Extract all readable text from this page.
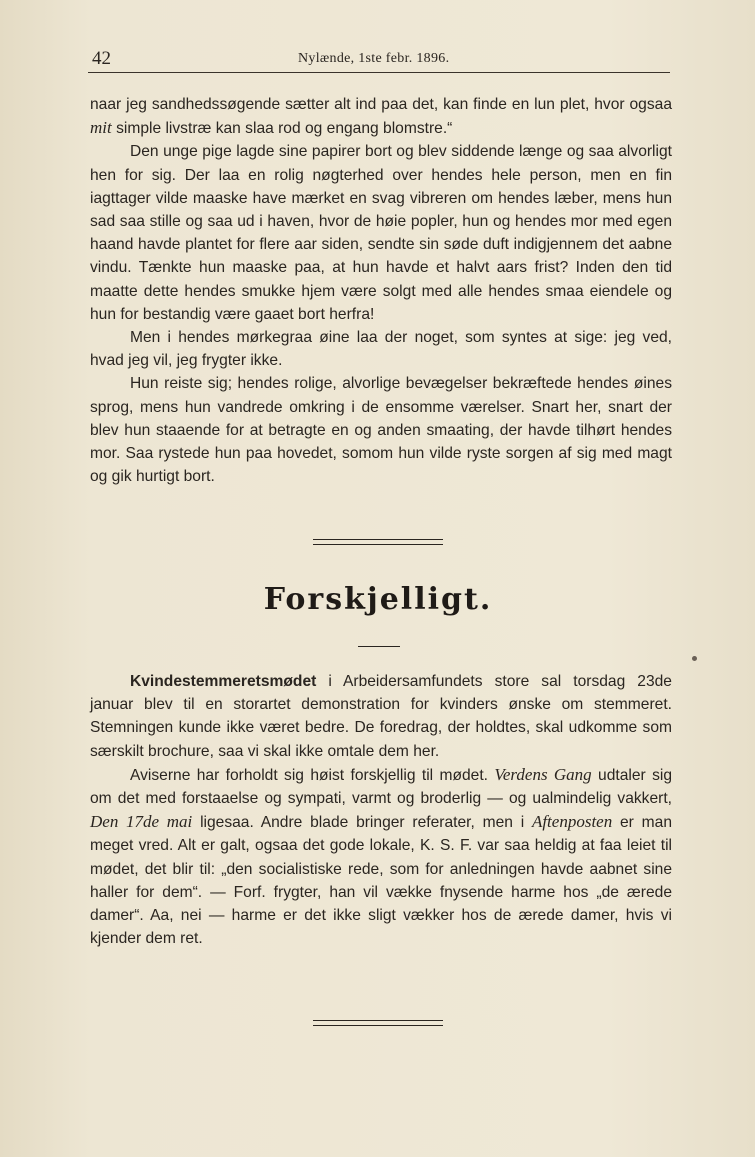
42	Nylænde, 1ste febr. 1896.

naar jeg sandhedssøgende sætter alt ind paa det, kan finde en lun plet, hvor ogsaa mit simple livstræ kan slaa rod og engang blomstre.“

Den unge pige lagde sine papirer bort og blev siddende længe og saa alvorligt hen for sig. Der laa en rolig nøgterhed over hendes hele person, men en fin iagttager vilde maaske have mærket en svag vibreren om hendes læber, mens hun sad saa stille og saa ud i haven, hvor de høie popler, hun og hendes mor med egen haand havde plantet for flere aar siden, sendte sin søde duft indigjennem det aabne vindu. Tænkte hun maaske paa, at hun havde et halvt aars frist? Inden den tid maatte dette hendes smukke hjem være solgt med alle hendes smaa eiendele og hun for bestandig være gaaet bort herfra!

Men i hendes mørkegraa øine laa der noget, som syntes at sige: jeg ved, hvad jeg vil, jeg frygter ikke.

Hun reiste sig; hendes rolige, alvorlige bevægelser bekræftede hendes øines sprog, mens hun vandrede omkring i de ensomme værelser. Snart her, snart der blev hun staaende for at betragte en og anden smaating, der havde tilhørt hendes mor. Saa rystede hun paa hovedet, somom hun vilde ryste sorgen af sig med magt og gik hurtigt bort.

Forskjelligt.

Kvindestemmeretsmødet i Arbeidersamfundets store sal torsdag 23de januar blev til en storartet demonstration for kvinders ønske om stemmeret. Stemningen kunde ikke været bedre. De foredrag, der holdtes, skal udkomme som særskilt brochure, saa vi skal ikke omtale dem her.

Aviserne har forholdt sig høist forskjellig til mødet. Verdens Gang udtaler sig om det med forstaaelse og sympati, varmt og broderlig — og ualmindelig vakkert, Den 17de mai ligesaa. Andre blade bringer referater, men i Aftenposten er man meget vred. Alt er galt, ogsaa det gode lokale, K. S. F. var saa heldig at faa leiet til mødet, det blir til: „den socialistiske rede, som for anledningen havde aabnet sine haller for dem“. — Forf. frygter, han vil vække fnysende harme hos „de ærede damer“. Aa, nei — harme er det ikke sligt vækker hos de ærede damer, hvis vi kjender dem ret.
